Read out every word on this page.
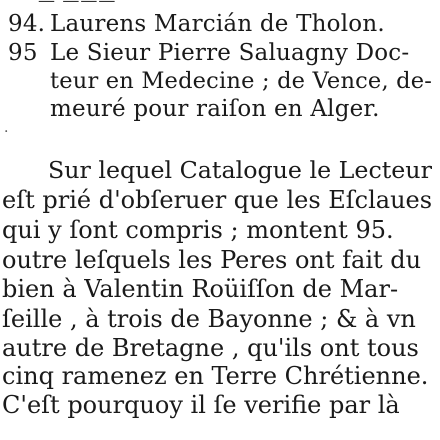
— ———
94. Laurens Marcián de Tholon.
95 Le Sieur Pierre Saluagny Doc-
teur en Medecine ; de Vence, de-
meuré pour raiſon en Alger.
·
Sur lequel Catalogue le Lecteur
eſt prié d'obſeruer que les Eſclaues
qui y ſont compris ; montent 95.
outre leſquels les Peres ont fait du
bien à Valentin Roüiſſon de Mar-
ſeille , à trois de Bayonne ; & à vn
autre de Bretagne , qu'ils ont tous
cinq ramenez en Terre Chrétienne.
C'eſt pourquoy il ſe verifie par là
